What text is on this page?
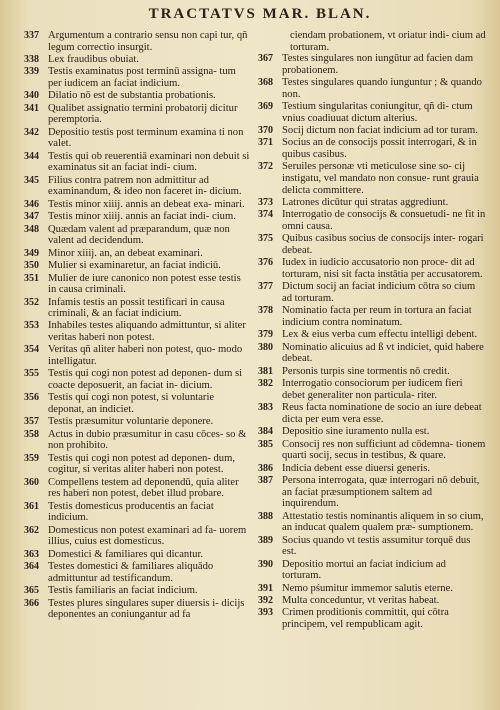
TRACTATVS MAR. BLAN.
337 Argumentum a contrario sensu non capi tur, qñ legum correctio insurgit.
338 Lex fraudibus obuiat.
339 Testis examinatus post terminū assigna- tum per iudicem an faciat indicium.
340 Dilatio nō est de substantia probationis.
341 Qualibet assignatio termini probatorij dicitur peremptoria.
342 Depositio testis post terminum examina ti non valet.
344 Testis qui ob reuerentiā examinari non debuit si examinatus sit an faciat indi- cium.
345 Filius contra patrem non admittitur ad examinandum, & ideo non faceret in- dicium.
346 Testis minor xiiij. annis an debeat exa- minari.
347 Testis minor xiiij. annis an faciat indi- cium.
348 Quædam valent ad præparandum, quæ non valent ad decidendum.
349 Minor xiiij. an, an debeat examinari.
350 Mulier si examinaretur, an faciat indiciū.
351 Mulier de iure canonico non potest esse testis in causa criminali.
352 Infamis testis an possit testificari in causa criminali, & an faciat indicium.
353 Inhabiles testes aliquando admittuntur, si aliter veritas haberi non potest.
354 Veritas qñ aliter haberi non potest, quo- modo intelligatur.
355 Testis qui cogi non potest ad deponen- dum si coacte deposuerit, an faciat in- dicium.
356 Testis qui cogi non potest, si voluntarie deponat, an indiciet.
357 Testis præsumitur voluntarie deponere.
358 Actus in dubio præsumitur in casu cōces- so & non prohibito.
359 Testis qui cogi non potest ad deponen- dum, cogitur, si veritas aliter haberi non potest.
360 Compellens testem ad deponendū, quia aliter res haberi non potest, debet illud probare.
361 Testis domesticus producentis an faciat indicium.
362 Domesticus non potest examinari ad fa- uorem illius, cuius est domesticus.
363 Domestici & familiares qui dicantur.
364 Testes domestici & familiares aliquādo admittuntur ad testificandum.
365 Testis familiaris an faciat indicium.
366 Testes plures singulares super diuersis i- dicijs deponentes an coniungantur ad fa
ciendam probationem, vt oriatur indi- cium ad torturam.
367 Testes singulares non iungūtur ad facien dam probationem.
368 Testes singulares quando iunguntur ; & quando non.
369 Testium singularitas coniungitur, qñ di- ctum vnius coadiuuat dictum alterius.
370 Socij dictum non faciat indicium ad tor turam.
371 Socius an de consocijs possit interrogari, & in quibus casibus.
372 Seruiles personæ vti meticulose sine so- cij instigatu, vel mandato non consue- runt grauia delicta committere.
373 Latrones dicūtur qui stratas aggrediunt.
374 Interrogatio de consocijs & consuetudi- ne fit in omni causa.
375 Quibus casibus socius de consocijs inter- rogari debeat.
376 Iudex in iudicio accusatorio non proce- dit ad torturam, nisi sit facta instātia per accusatorem.
377 Dictum socij an faciat indicium cōtra so cium ad torturam.
378 Nominatio facta per reum in tortura an faciat indicium contra nominatum.
379 Lex & eius verba cum effectu intelligi debent.
380 Nominatio alicuius ad ß vt indiciet, quid habere debeat.
381 Personis turpis sine tormentis nō credit.
382 Interrogatio consociorum per iudicem fieri debet generaliter non particula- riter.
383 Reus facta nominatione de socio an iure debeat dicta per eum vera esse.
384 Depositio sine iuramento nulla est.
385 Consocij res non sufficiunt ad cōdemna- tionem quarti socij, secus in testibus, & quare.
386 Indicia debent esse diuersi generis.
387 Persona interrogata, quæ interrogari nō debuit, an faciat præsumptionem saltem ad inquirendum.
388 Attestatio testis nominantis aliquem in so cium, an inducat qualem qualem præ- sumptionem.
389 Socius quando vt testis assumitur torquē dus est.
390 Depositio mortui an faciat indicium ad torturam.
391 Nemo pśumitur immemor salutis eterne.
392 Multa conceduntur, vt veritas habeat.
393 Crimen proditionis committit, qui cōtra principem, vel rempublicam agit.
